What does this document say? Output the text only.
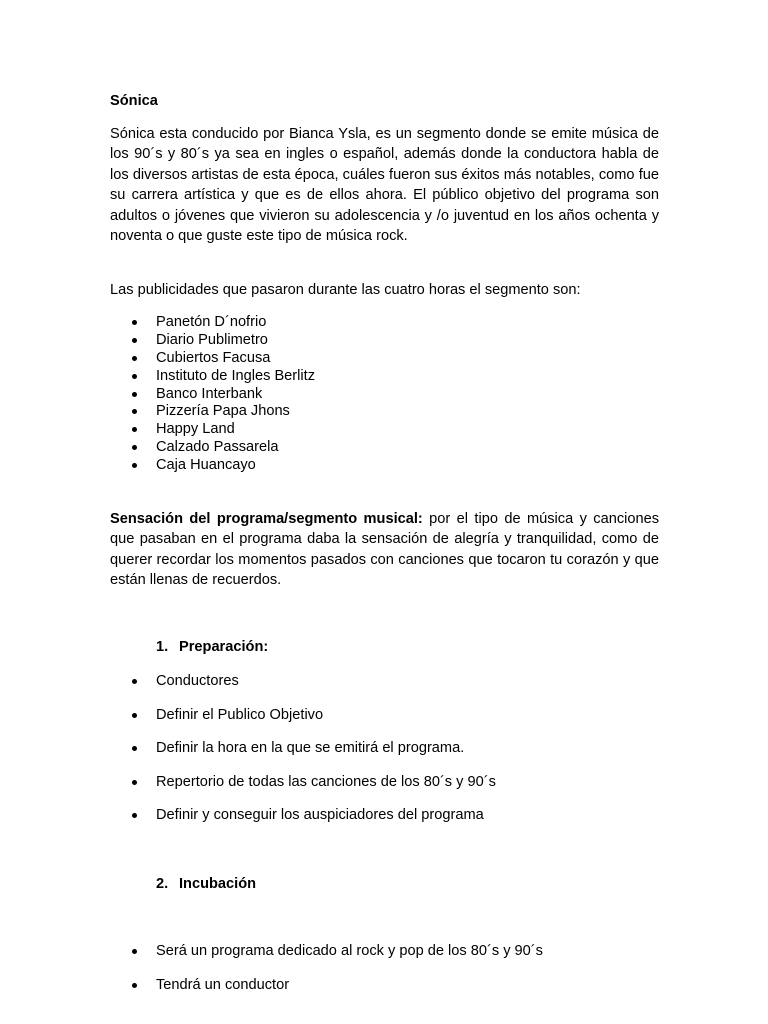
Sónica

Sónica esta conducido por Bianca Ysla, es un segmento donde se emite música de los 90´s y 80´s ya sea en ingles o español, además donde la conductora habla de los diversos artistas de esta época, cuáles fueron sus éxitos más notables, como fue su carrera artística y que es de ellos ahora. El público objetivo del programa son adultos o jóvenes que vivieron su adolescencia y /o juventud en los años ochenta y noventa o que guste este tipo de música rock.

Las publicidades que pasaron durante las cuatro horas el segmento son:

Panetón D´nofrio
Diario Publimetro
Cubiertos Facusa
Instituto de Ingles Berlitz
Banco Interbank
Pizzería Papa Jhons
Happy Land
Calzado Passarela
Caja Huancayo

Sensación del programa/segmento musical: por el tipo de música y canciones que pasaban en el programa daba la sensación de alegría y tranquilidad, como de querer recordar los momentos pasados con canciones que tocaron tu corazón y que están llenas de recuerdos.

1. Preparación:

Conductores
Definir el Publico Objetivo
Definir la hora en la que se emitirá el programa.
Repertorio de todas las canciones de los 80´s y 90´s
Definir y conseguir los auspiciadores del programa

2. Incubación

Será un programa dedicado al rock y pop de los 80´s y 90´s
Tendrá un conductor
